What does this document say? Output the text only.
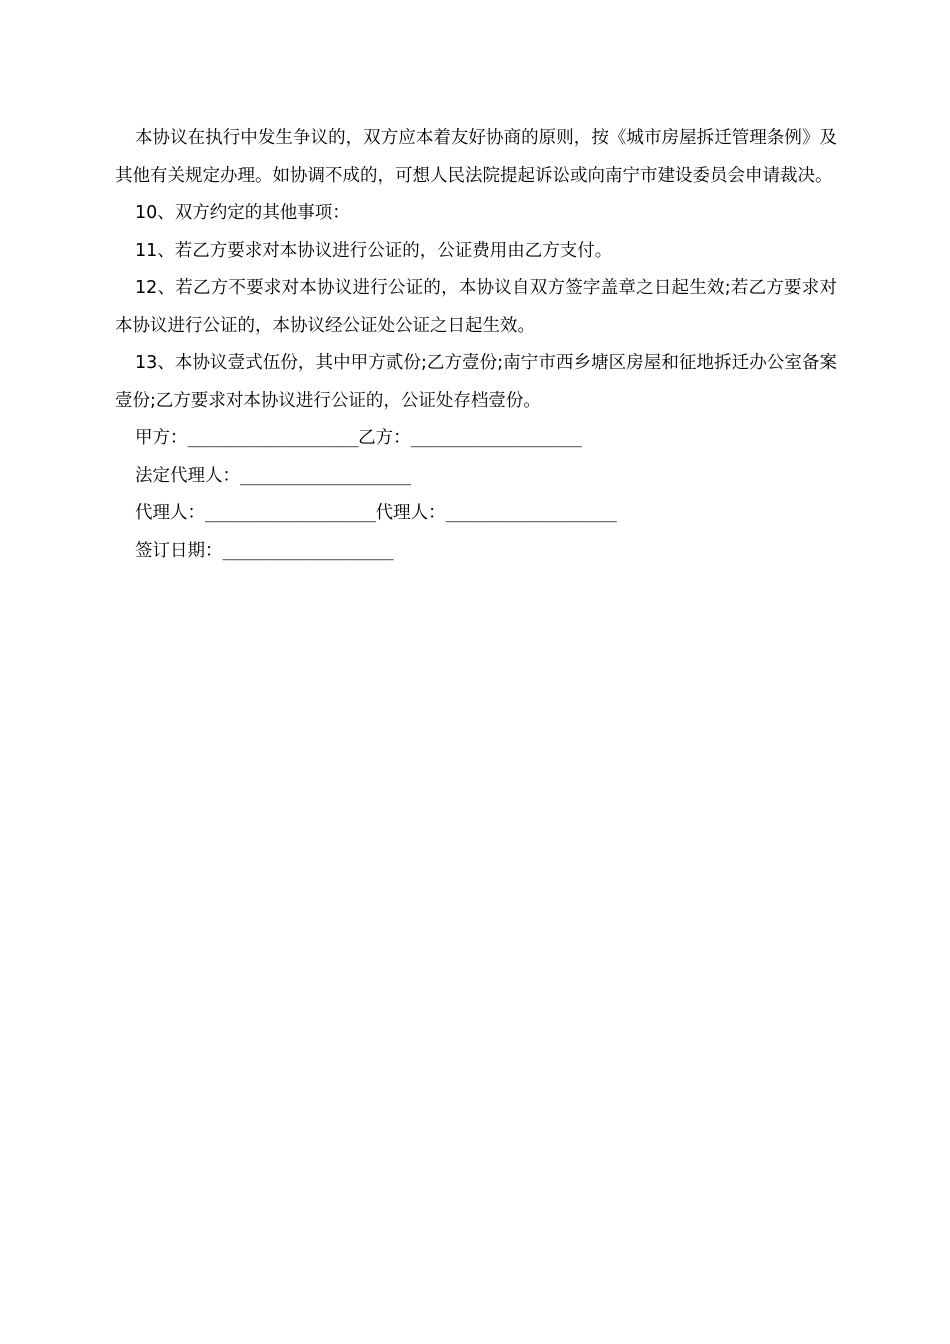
本协议在执行中发生争议的，双方应本着友好协商的原则，按《城市房屋拆迁管理条例》及其他有关规定办理。如协调不成的，可想人民法院提起诉讼或向南宁市建设委员会申请裁决。

10、双方约定的其他事项：

11、若乙方要求对本协议进行公证的，公证费用由乙方支付。

12、若乙方不要求对本协议进行公证的，本协议自双方签字盖章之日起生效;若乙方要求对本协议进行公证的，本协议经公证处公证之日起生效。

13、本协议壹式伍份，其中甲方贰份;乙方壹份;南宁市西乡塘区房屋和征地拆迁办公室备案壹份;乙方要求对本协议进行公证的，公证处存档壹份。

甲方：_________________乙方：_________________

法定代理人：_________________

代理人：_________________代理人：_________________

签订日期：_________________
